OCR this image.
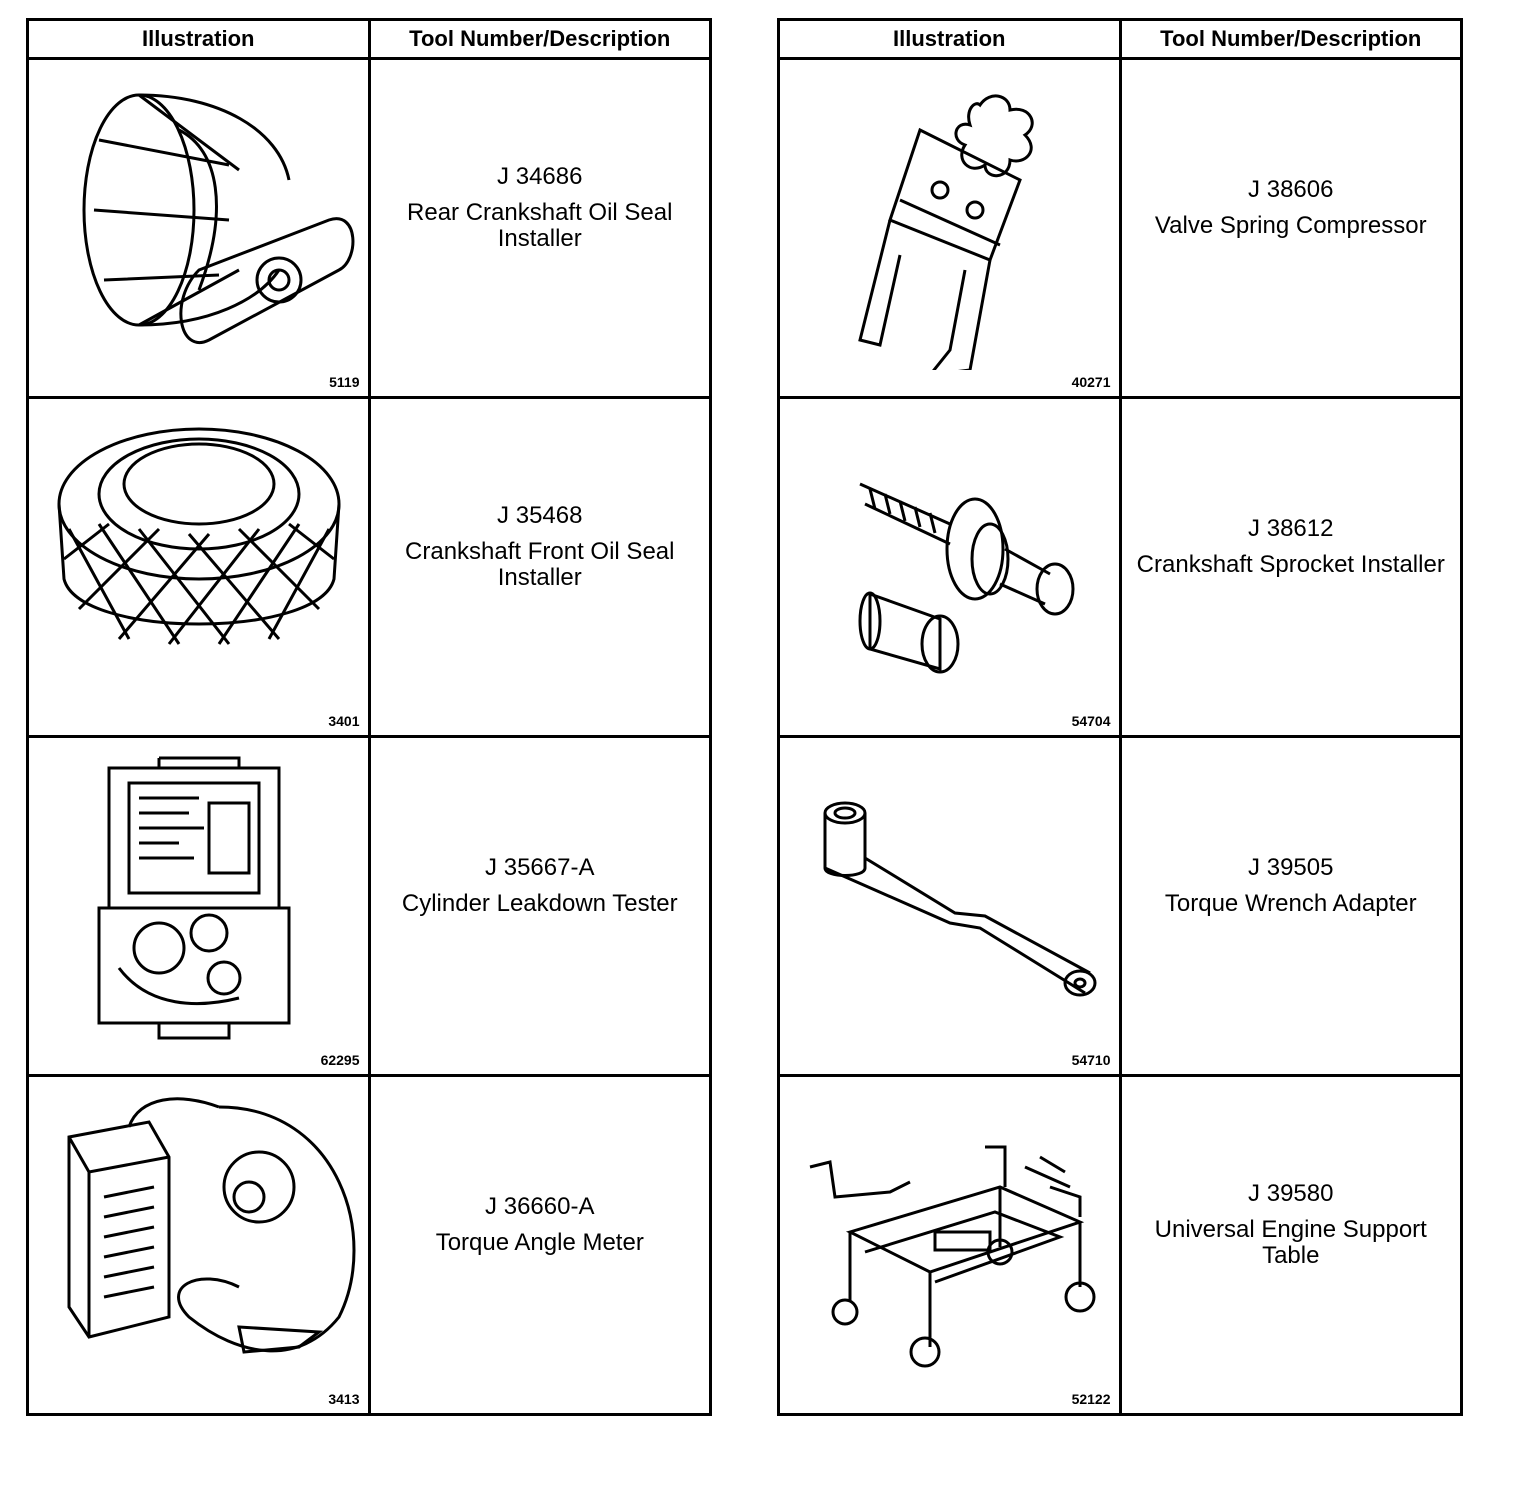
Illustration	Tool Number/Description

5119	J 34686
Rear Crankshaft Oil Seal Installer

3401	J 35468
Crankshaft Front Oil Seal Installer

62295	J 35667-A
Cylinder Leakdown Tester

3413	J 36660-A
Torque Angle Meter
Illustration	Tool Number/Description

40271	J 38606
Valve Spring Compressor

54704	J 38612
Crankshaft Sprocket Installer

54710	J 39505
Torque Wrench Adapter

52122	J 39580
Universal Engine Support Table
